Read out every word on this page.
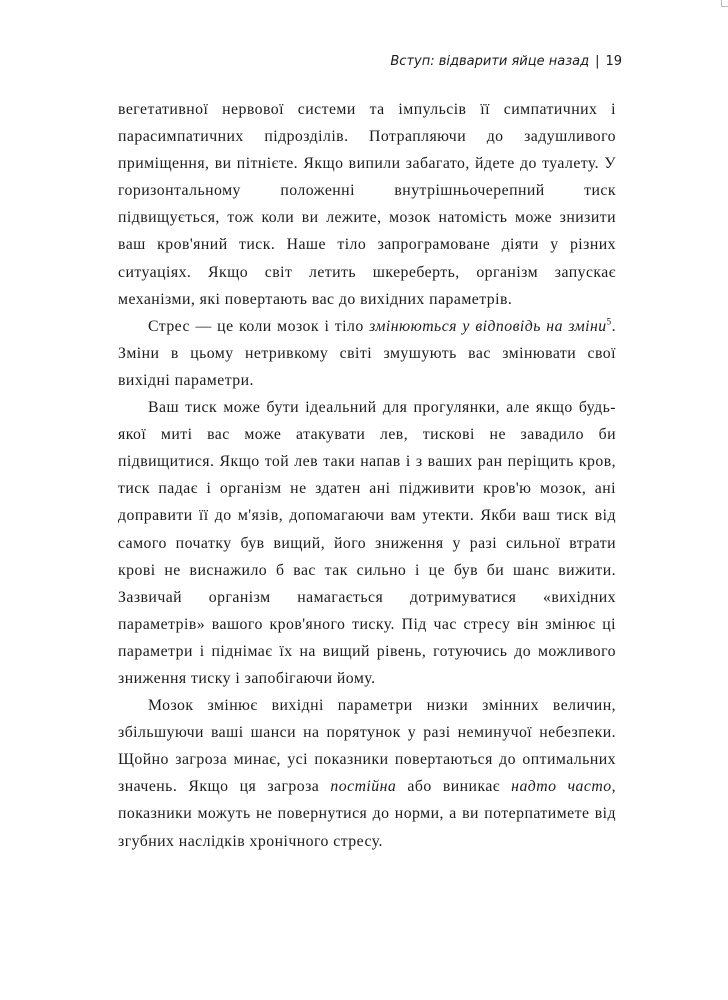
Вступ: відварити яйце назад | 19

вегетативної нервової системи та імпульсів її симпатичних і парасимпатичних підрозділів. Потрапляючи до задушливого приміщення, ви пітнієте. Якщо випили забагато, йдете до туалету. У горизонтальному положенні внутрішньочерепний тиск підвищується, тож коли ви лежите, мозок натомість може знизити ваш кров'яний тиск. Наше тіло запрограмоване діяти у різних ситуаціях. Якщо світ летить шкереберть, організм запускає механізми, які повертають вас до вихідних параметрів.

Стрес — це коли мозок і тіло змінюються у відповідь на зміни$^5$. Зміни в цьому нетривкому світі змушують вас змінювати свої вихідні параметри.

Ваш тиск може бути ідеальний для прогулянки, але якщо будь-якої миті вас може атакувати лев, тискові не завадило би підвищитися. Якщо той лев таки напав і з ваших ран періщить кров, тиск падає і організм не здатен ані підживити кров'ю мозок, ані доправити її до м'язів, допомагаючи вам утекти. Якби ваш тиск від самого початку був вищий, його зниження у разі сильної втрати крові не виснажило б вас так сильно і це був би шанс вижити. Зазвичай організм намагається дотримуватися «вихідних параметрів» вашого кров'яного тиску. Під час стресу він змінює ці параметри і піднімає їх на вищий рівень, готуючись до можливого зниження тиску і запобігаючи йому.

Мозок змінює вихідні параметри низки змінних величин, збільшуючи ваші шанси на порятунок у разі неминучої небезпеки. Щойно загроза минає, усі показники повертаються до оптимальних значень. Якщо ця загроза постійна або виникає надто часто, показники можуть не повернутися до норми, а ви потерпатимете від згубних наслідків хронічного стресу.
